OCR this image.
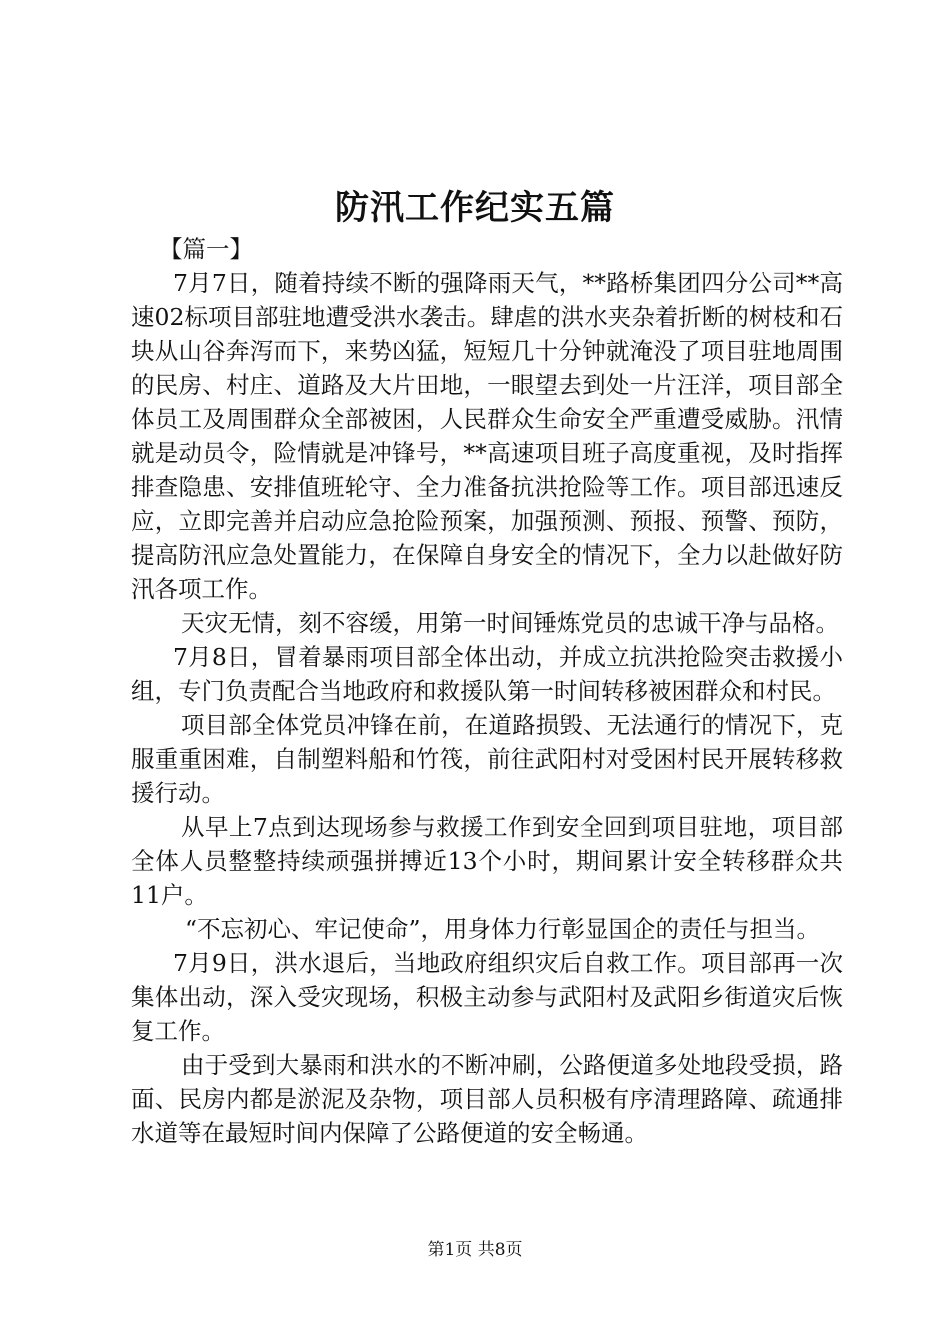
防汛工作纪实五篇

【篇一】

7月7日，随着持续不断的强降雨天气，**路桥集团四分公司**高速02标项目部驻地遭受洪水袭击。肆虐的洪水夹杂着折断的树枝和石块从山谷奔泻而下，来势凶猛，短短几十分钟就淹没了项目驻地周围的民房、村庄、道路及大片田地，一眼望去到处一片汪洋，项目部全体员工及周围群众全部被困，人民群众生命安全严重遭受威胁。汛情就是动员令，险情就是冲锋号，**高速项目班子高度重视，及时指挥排查隐患、安排值班轮守、全力准备抗洪抢险等工作。项目部迅速反应，立即完善并启动应急抢险预案，加强预测、预报、预警、预防，提高防汛应急处置能力，在保障自身安全的情况下，全力以赴做好防汛各项工作。

天灾无情，刻不容缓，用第一时间锤炼党员的忠诚干净与品格。

7月8日，冒着暴雨项目部全体出动，并成立抗洪抢险突击救援小组，专门负责配合当地政府和救援队第一时间转移被困群众和村民。

项目部全体党员冲锋在前，在道路损毁、无法通行的情况下，克服重重困难，自制塑料船和竹筏，前往武阳村对受困村民开展转移救援行动。

从早上7点到达现场参与救援工作到安全回到项目驻地，项目部全体人员整整持续顽强拼搏近13个小时，期间累计安全转移群众共11户。

“不忘初心、牢记使命”，用身体力行彰显国企的责任与担当。

7月9日，洪水退后，当地政府组织灾后自救工作。项目部再一次集体出动，深入受灾现场，积极主动参与武阳村及武阳乡街道灾后恢复工作。

由于受到大暴雨和洪水的不断冲刷，公路便道多处地段受损，路面、民房内都是淤泥及杂物，项目部人员积极有序清理路障、疏通排水道等在最短时间内保障了公路便道的安全畅通。

第1页 共8页
